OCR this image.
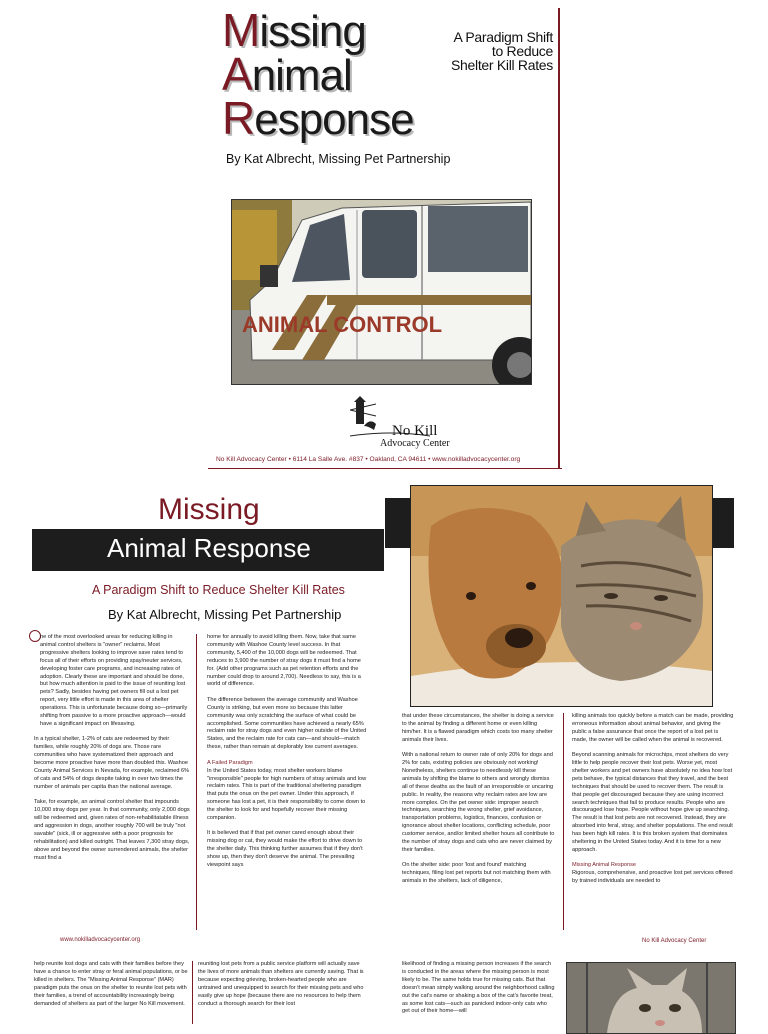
Missing
Animal
Response
A Paradigm Shift
to Reduce
Shelter Kill Rates
By Kat Albrecht, Missing Pet Partnership
ANIMAL CONTROL
No Kill
Advocacy Center
No Kill Advocacy Center • 6114 La Salle Ave. #837 • Oakland, CA 94611 • www.nokilladvocacycenter.org
Missing
Animal Response
A Paradigm Shift to Reduce Shelter Kill Rates
By Kat Albrecht, Missing Pet Partnership

ne of the most overlooked areas for reducing killing in animal control shelters is "owner" reclaims. Most progressive shelters looking to improve save rates tend to focus all of their efforts on providing spay/neuter services, developing foster care programs, and increasing rates of adoption. Clearly these are important and should be done, but how much attention is paid to the issue of reuniting lost pets? Sadly, besides having pet owners fill out a lost pet report, very little effort is made in this area of shelter operations. This is unfortunate because doing so—primarily shifting from passive to a more proactive approach—would have a significant impact on lifesaving.

In a typical shelter, 1-2% of cats are redeemed by their families, while roughly 20% of dogs are. Those rare communities who have systematized their approach and become more proactive have more than doubled this. Washoe County Animal Services in Nevada, for example, reclaimed 6% of cats and 54% of dogs despite taking in over two times the number of animals per capita than the national average.

Take, for example, an animal control shelter that impounds 10,000 stray dogs per year. In that community, only 2,000 dogs will be redeemed and, given rates of non-rehabilitatable illness and aggression in dogs, another roughly 700 will be truly "not savable" (sick, ill or aggressive with a poor prognosis for rehabilitation) and killed outright. That leaves 7,300 stray dogs, above and beyond the owner surrendered animals, the shelter must find a

home for annually to avoid killing them. Now, take that same community with Washoe County level success. In that community, 5,400 of the 10,000 dogs will be redeemed. That reduces to 3,900 the number of stray dogs it must find a home for. (Add other programs such as pet retention efforts and the number could drop to around 2,700). Needless to say, this is a world of difference.

The difference between the average community and Washoe County is striking, but even more so because this latter community was only scratching the surface of what could be accomplished. Some communities have achieved a nearly 65% reclaim rate for stray dogs and even higher outside of the United States, and the reclaim rate for cats can—and should—match these, rather than remain at deplorably low current averages.

A Failed Paradigm

In the United States today, most shelter workers blame "irresponsible" people for high numbers of stray animals and low reclaim rates. This is part of the traditional sheltering paradigm that puts the onus on the pet owner. Under this approach, if someone has lost a pet, it is their responsibility to come down to the shelter to look for and hopefully recover their missing companion.

It is believed that if that pet owner cared enough about their missing dog or cat, they would make the effort to drive down to the shelter daily. This thinking further assumes that if they don't show up, then they don't deserve the animal. The prevailing viewpoint says

that under these circumstances, the shelter is doing a service to the animal by finding a different home or even killing him/her. It is a flawed paradigm which costs too many shelter animals their lives.

With a national return to owner rate of only 20% for dogs and 2% for cats, existing policies are obviously not working! Nonetheless, shelters continue to needlessly kill these animals by shifting the blame to others and wrongly dismiss all of these deaths as the fault of an irresponsible or uncaring public. In reality, the reasons why reclaim rates are low are more complex. On the pet owner side: improper search techniques, searching the wrong shelter, grief avoidance, transportation problems, logistics, finances, confusion or ignorance about shelter locations, conflicting schedule, poor customer service, and/or limited shelter hours all contribute to the number of stray dogs and cats who are never claimed by their families.

On the shelter side: poor 'lost and found' matching techniques, filing lost pet reports but not matching them with animals in the shelters, lack of diligence,

killing animals too quickly before a match can be made, providing erroneous information about animal behavior, and giving the public a false assurance that once the report of a lost pet is made, the owner will be called when the animal is recovered.

Beyond scanning animals for microchips, most shelters do very little to help people recover their lost pets. Worse yet, most shelter workers and pet owners have absolutely no idea how lost pets behave, the typical distances that they travel, and the best techniques that should be used to recover them. The result is that people get discouraged because they are using incorrect search techniques that fail to produce results. People who are discouraged lose hope. People without hope give up searching. The result is that lost pets are not recovered. Instead, they are absorbed into feral, stray, and shelter populations. The end result has been high kill rates. It is this broken system that dominates sheltering in the United States today. And it is time for a new approach.

Missing Animal Response

Rigorous, comprehensive, and proactive lost pet services offered by trained individuals are needed to

www.nokilladvocacycenter.org	No Kill Advocacy Center
help reunite lost dogs and cats with their families before they have a chance to enter stray or feral animal populations, or be killed in shelters. The "Missing Animal Response" (MAR) paradigm puts the onus on the shelter to reunite lost pets with their families, a trend of accountability increasingly being demanded of shelters as part of the larger No Kill movement.
reuniting lost pets from a public service platform will actually save the lives of more animals than shelters are currently saving. That is because expecting grieving, broken-hearted people who are untrained and unequipped to search for their missing pets and who easily give up hope (because there are no resources to help them conduct a thorough search for their lost
likelihood of finding a missing person increases if the search is conducted in the areas where the missing person is most likely to be. The same holds true for missing cats. But that doesn't mean simply walking around the neighborhood calling out the cat's name or shaking a box of the cat's favorite treat, as some lost cats—such as panicked indoor-only cats who get out of their home—will
